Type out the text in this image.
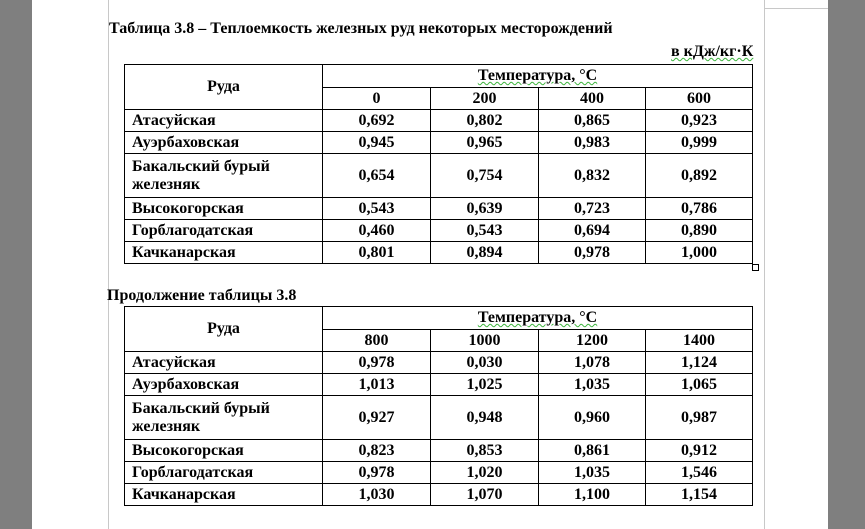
Таблица 3.8 – Теплоемкость железных руд некоторых месторождений
в кДж/кг·К
Руда	Температура, °С			
	0	200	400	600
Атасуйская	0,692	0,802	0,865	0,923
Ауэрбаховская	0,945	0,965	0,983	0,999
Бакальский бурый железняк	0,654	0,754	0,832	0,892
Высокогорская	0,543	0,639	0,723	0,786
Горблагодатская	0,460	0,543	0,694	0,890
Качканарская	0,801	0,894	0,978	1,000
Продолжение таблицы 3.8
Руда	Температура, °С			
	800	1000	1200	1400
Атасуйская	0,978	0,030	1,078	1,124
Ауэрбаховская	1,013	1,025	1,035	1,065
Бакальский бурый железняк	0,927	0,948	0,960	0,987
Высокогорская	0,823	0,853	0,861	0,912
Горблагодатская	0,978	1,020	1,035	1,546
Качканарская	1,030	1,070	1,100	1,154
